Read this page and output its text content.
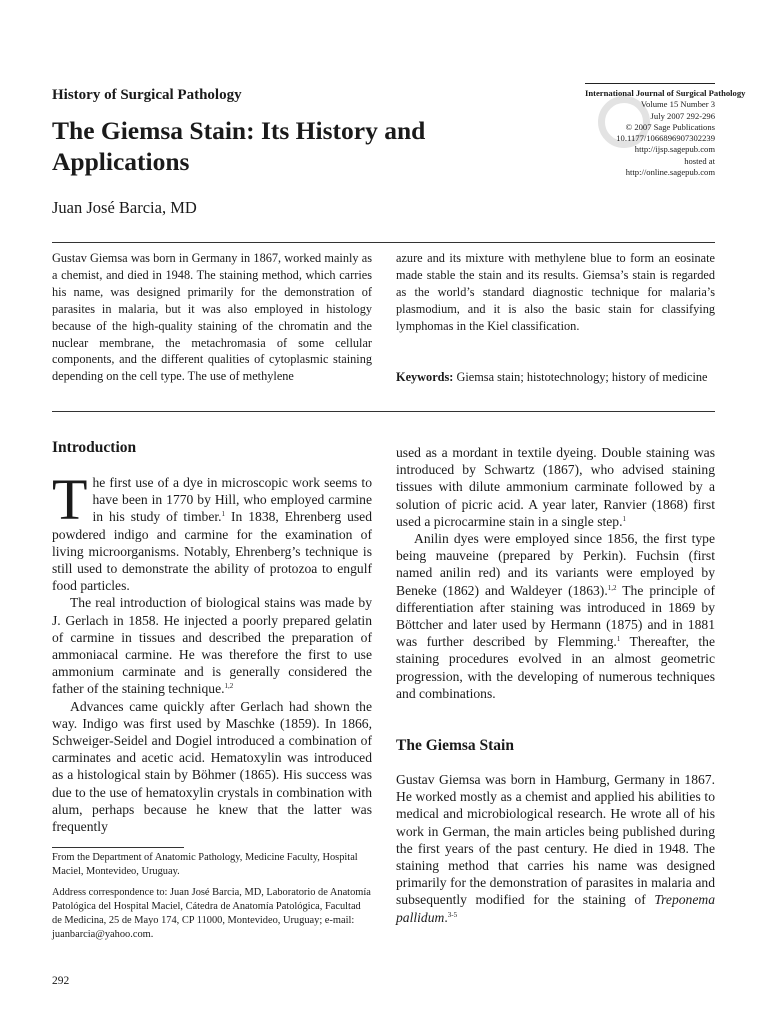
History of Surgical Pathology
The Giemsa Stain: Its History and Applications
Juan José Barcia, MD
International Journal of Surgical Pathology
Volume 15 Number 3
July 2007 292-296
© 2007 Sage Publications
10.1177/1066896907302239
http://ijsp.sagepub.com
hosted at
http://online.sagepub.com
Gustav Giemsa was born in Germany in 1867, worked mainly as a chemist, and died in 1948. The staining method, which carries his name, was designed primarily for the demonstration of parasites in malaria, but it was also employed in histology because of the high-quality staining of the chromatin and the nuclear membrane, the metachromasia of some cellular components, and the different qualities of cytoplasmic staining depending on the cell type. The use of methylene
azure and its mixture with methylene blue to form an eosinate made stable the stain and its results. Giemsa’s stain is regarded as the world’s standard diagnostic technique for malaria’s plasmodium, and it is also the basic stain for classifying lymphomas in the Kiel classification.
Keywords: Giemsa stain; histotechnology; history of medicine
Introduction

The first use of a dye in microscopic work seems to have been in 1770 by Hill, who employed carmine in his study of timber.$^1$ In 1838, Ehrenberg used powdered indigo and carmine for the examination of living microorganisms. Notably, Ehrenberg’s technique is still used to demonstrate the ability of protozoa to engulf food particles.

The real introduction of biological stains was made by J. Gerlach in 1858. He injected a poorly prepared gelatin of carmine in tissues and described the preparation of ammoniacal carmine. He was therefore the first to use ammonium carminate and is generally considered the father of the staining technique.$^{1,2}$

Advances came quickly after Gerlach had shown the way. Indigo was first used by Maschke (1859). In 1866, Schweiger-Seidel and Dogiel introduced a combination of carminates and acetic acid. Hematoxylin was introduced as a histological stain by Böhmer (1865). His success was due to the use of hematoxylin crystals in combination with alum, perhaps because he knew that the latter was frequently

used as a mordant in textile dyeing. Double staining was introduced by Schwartz (1867), who advised staining tissues with dilute ammonium carminate followed by a solution of picric acid. A year later, Ranvier (1868) first used a picrocarmine stain in a single step.$^1$

Anilin dyes were employed since 1856, the first type being mauveine (prepared by Perkin). Fuchsin (first named anilin red) and its variants were employed by Beneke (1862) and Waldeyer (1863).$^{1,2}$ The principle of differentiation after staining was introduced in 1869 by Böttcher and later used by Hermann (1875) and in 1881 was further described by Flemming.$^1$ Thereafter, the staining procedures evolved in an almost geometric progression, with the developing of numerous techniques and combinations.

The Giemsa Stain

Gustav Giemsa was born in Hamburg, Germany in 1867. He worked mostly as a chemist and applied his abilities to medical and microbiological research. He wrote all of his work in German, the main articles being published during the first years of the past century. He died in 1948. The staining method that carries his name was designed primarily for the demonstration of parasites in malaria and subsequently modified for the staining of Treponema pallidum.$^{3-5}$

From the Department of Anatomic Pathology, Medicine Faculty, Hospital Maciel, Montevideo, Uruguay.
Address correspondence to: Juan José Barcia, MD, Laboratorio de Anatomía Patológica del Hospital Maciel, Cátedra de Anatomía Patológica, Facultad de Medicina, 25 de Mayo 174, CP 11000, Montevideo, Uruguay; e-mail: juanbarcia@yahoo.com.
292
